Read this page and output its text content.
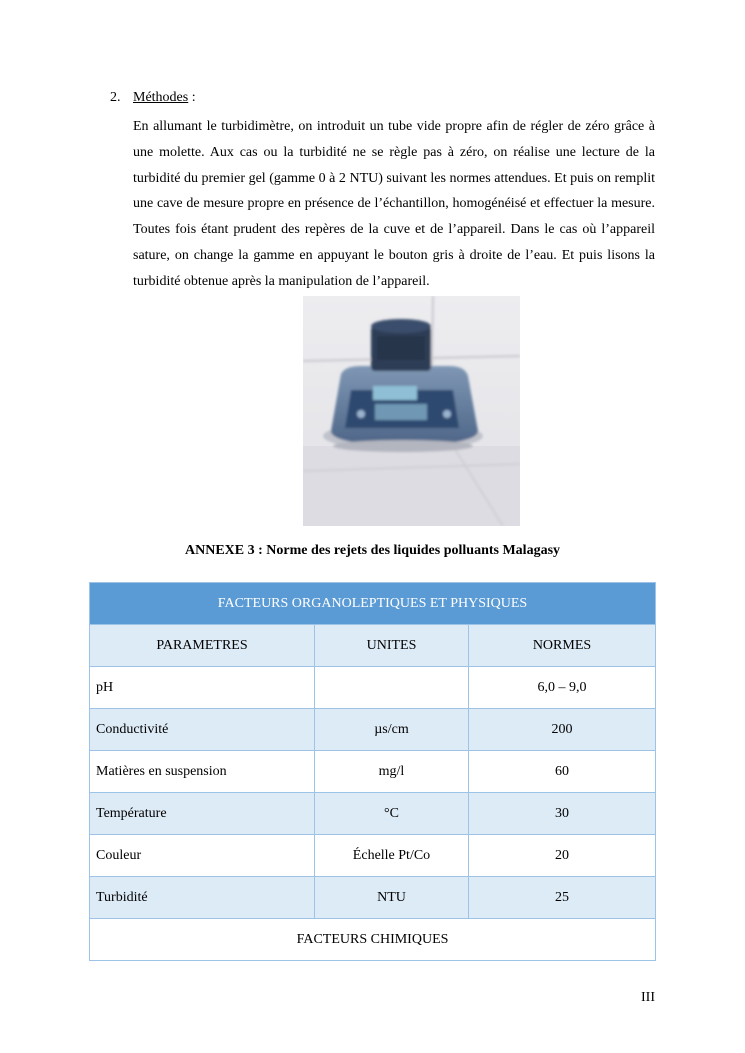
2. Méthodes :
En allumant le turbidimètre, on introduit un tube vide propre afin de régler de zéro grâce à une molette. Aux cas ou la turbidité ne se règle pas à zéro, on réalise une lecture de la turbidité du premier gel (gamme 0 à 2 NTU) suivant les normes attendues. Et puis on remplit une cave de mesure propre en présence de l’échantillon, homogénéisé et effectuer la mesure. Toutes fois étant prudent des repères de la cuve et de l’appareil. Dans le cas où l’appareil sature, on change la gamme en appuyant le bouton gris à droite de l’eau. Et puis lisons la turbidité obtenue après la manipulation de l’appareil.
ANNEXE 3 : Norme des rejets des liquides polluants Malagasy
FACTEURS ORGANOLEPTIQUES ET PHYSIQUES		
PARAMETRES	UNITES	NORMES
pH		6,0 – 9,0
Conductivité	µs/cm	200
Matières en suspension	mg/l	60
Température	°C	30
Couleur	Échelle Pt/Co	20
Turbidité	NTU	25
FACTEURS CHIMIQUES		
III
